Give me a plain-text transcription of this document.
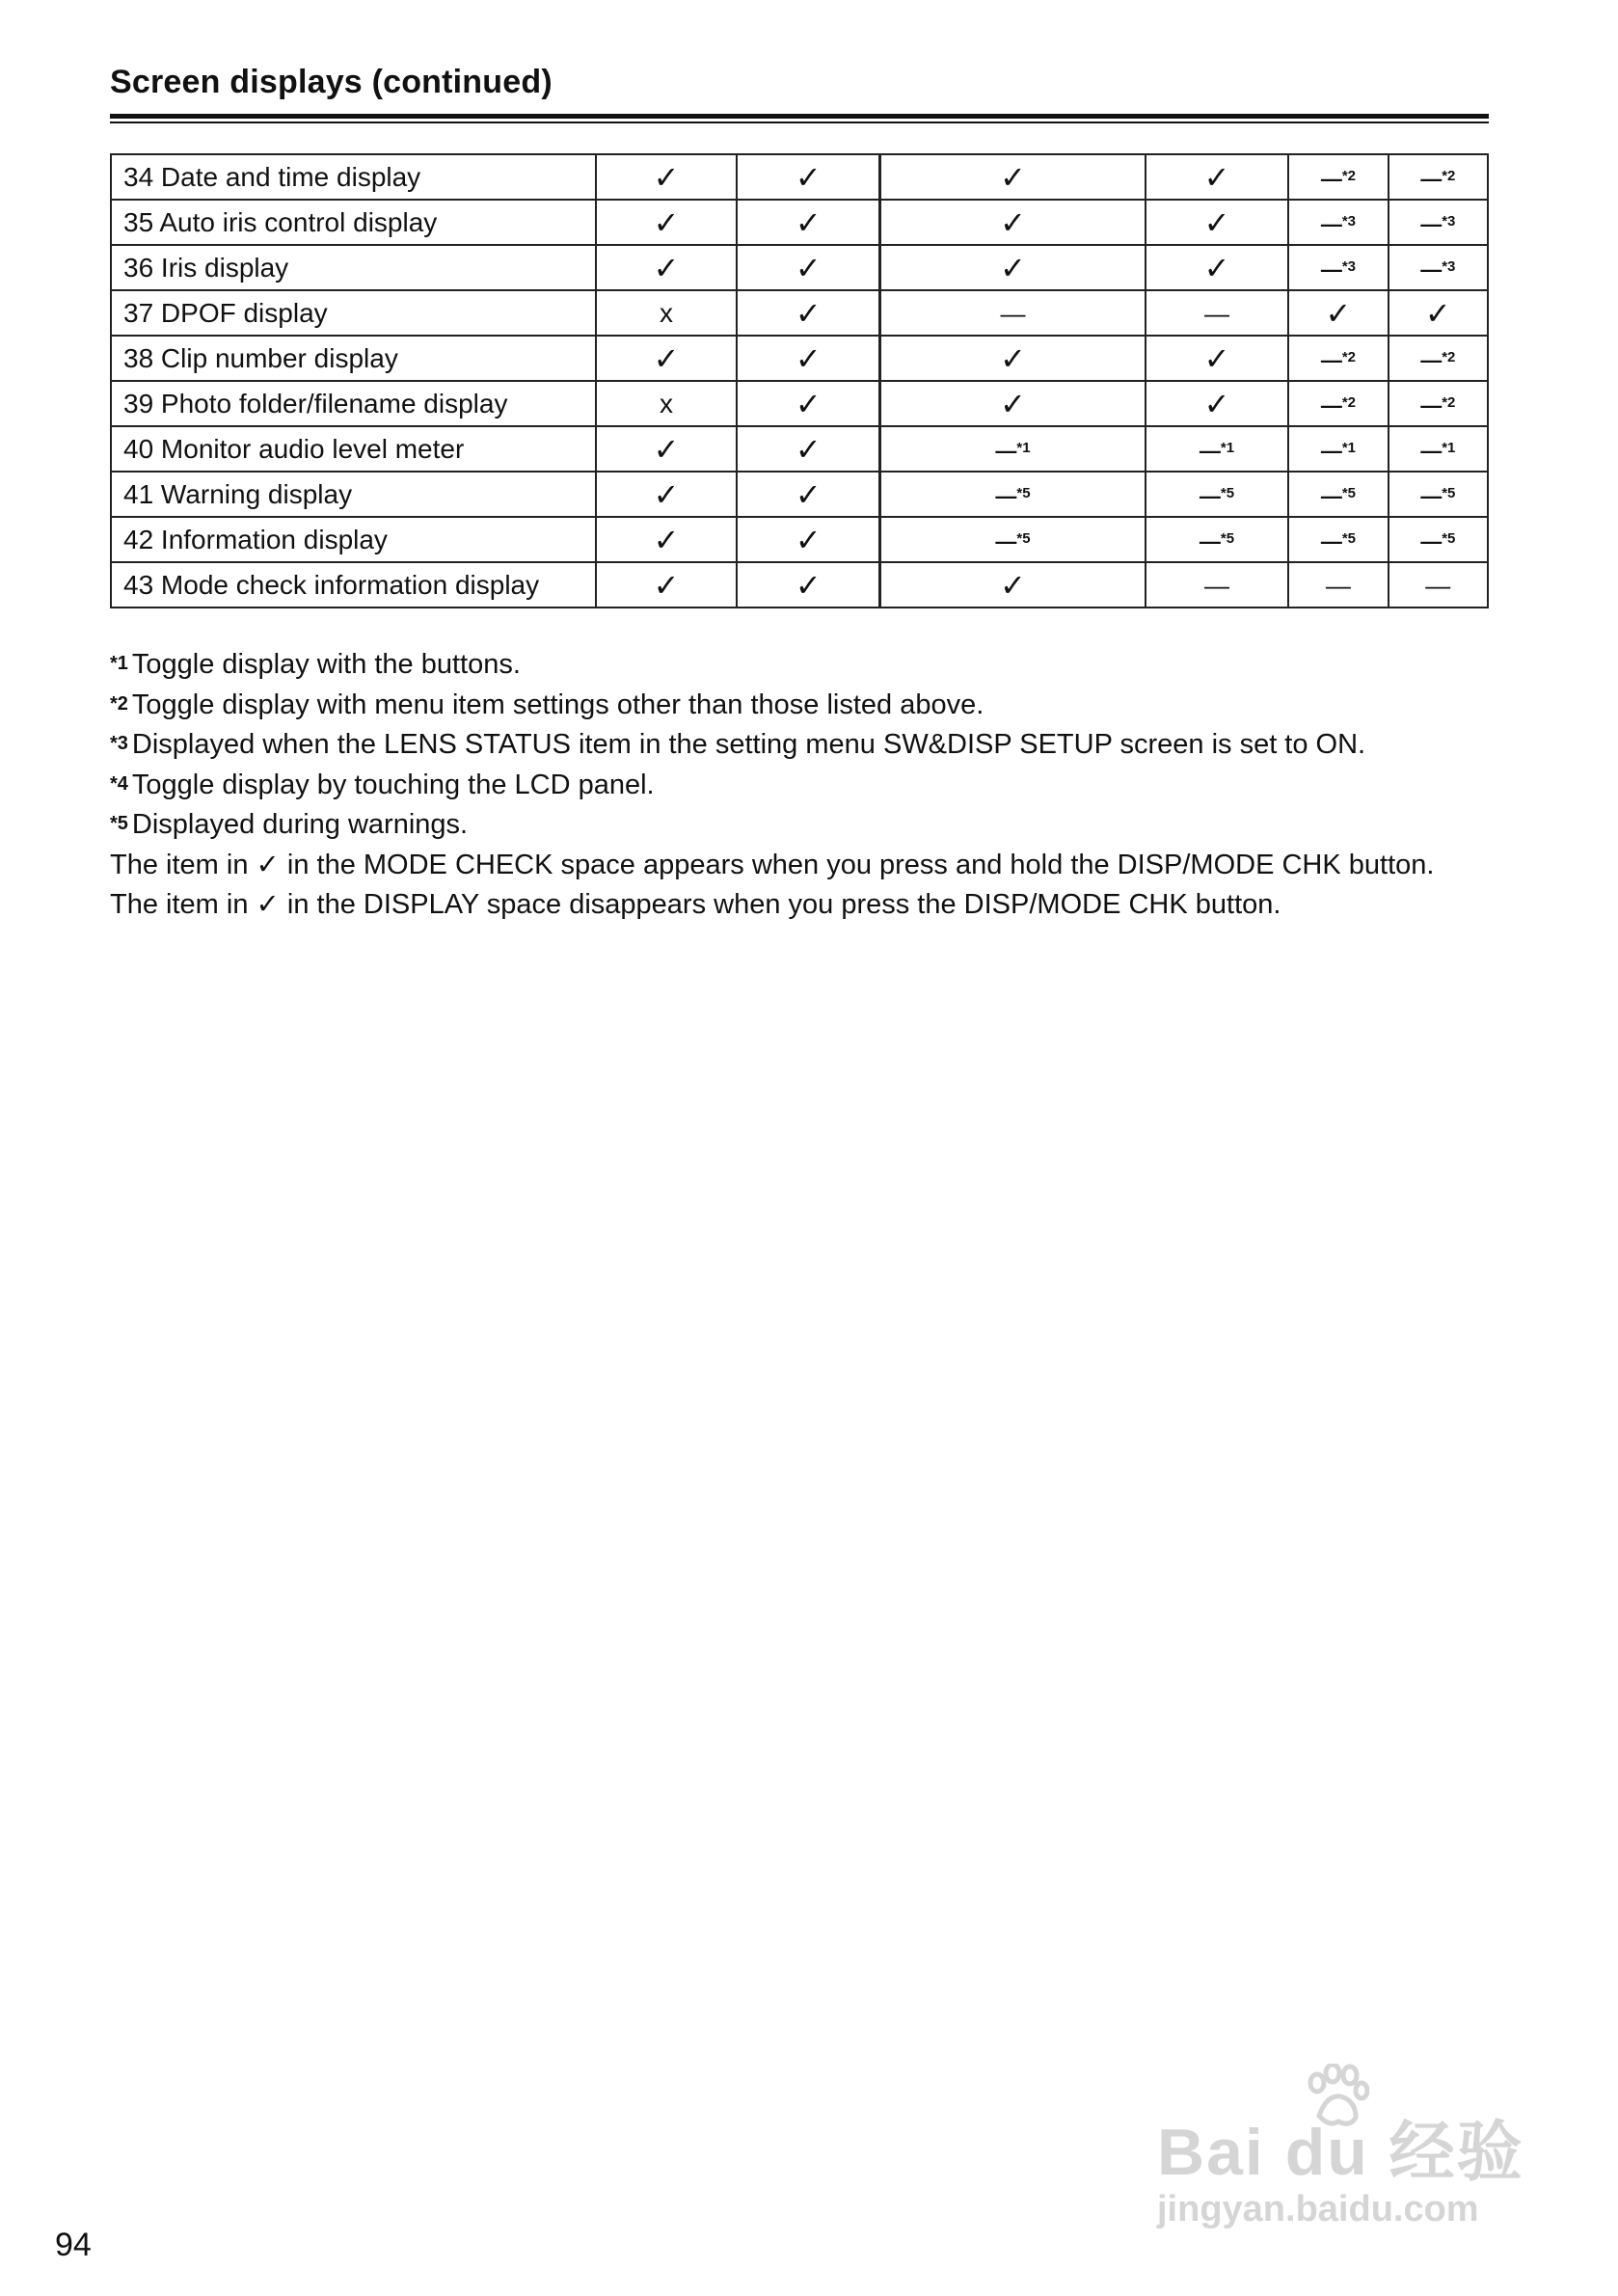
Screen displays (continued)
34 Date and time display	✓	✓	✓	✓	—$^{*2}$	—$^{*2}$
35 Auto iris control display	✓	✓	✓	✓	—$^{*3}$	—$^{*3}$
36 Iris display	✓	✓	✓	✓	—$^{*3}$	—$^{*3}$
37 DPOF display	x	✓	—	—	✓	✓
38 Clip number display	✓	✓	✓	✓	—$^{*2}$	—$^{*2}$
39 Photo folder/filename display	x	✓	✓	✓	—$^{*2}$	—$^{*2}$
40 Monitor audio level meter	✓	✓	—$^{*1}$	—$^{*1}$	—$^{*1}$	—$^{*1}$
41 Warning display	✓	✓	—$^{*5}$	—$^{*5}$	—$^{*5}$	—$^{*5}$
42 Information display	✓	✓	—$^{*5}$	—$^{*5}$	—$^{*5}$	—$^{*5}$
43 Mode check information display	✓	✓	✓	—	—	—
*1 Toggle display with the buttons.
*2 Toggle display with menu item settings other than those listed above.
*3 Displayed when the LENS STATUS item in the setting menu SW&DISP SETUP screen is set to ON.
*4 Toggle display by touching the LCD panel.
*5 Displayed during warnings.
The item in ✓ in the MODE CHECK space appears when you press and hold the DISP/MODE CHK button.
The item in ✓ in the DISPLAY space disappears when you press the DISP/MODE CHK button.
94
Bai du 经验
jingyan.baidu.com
